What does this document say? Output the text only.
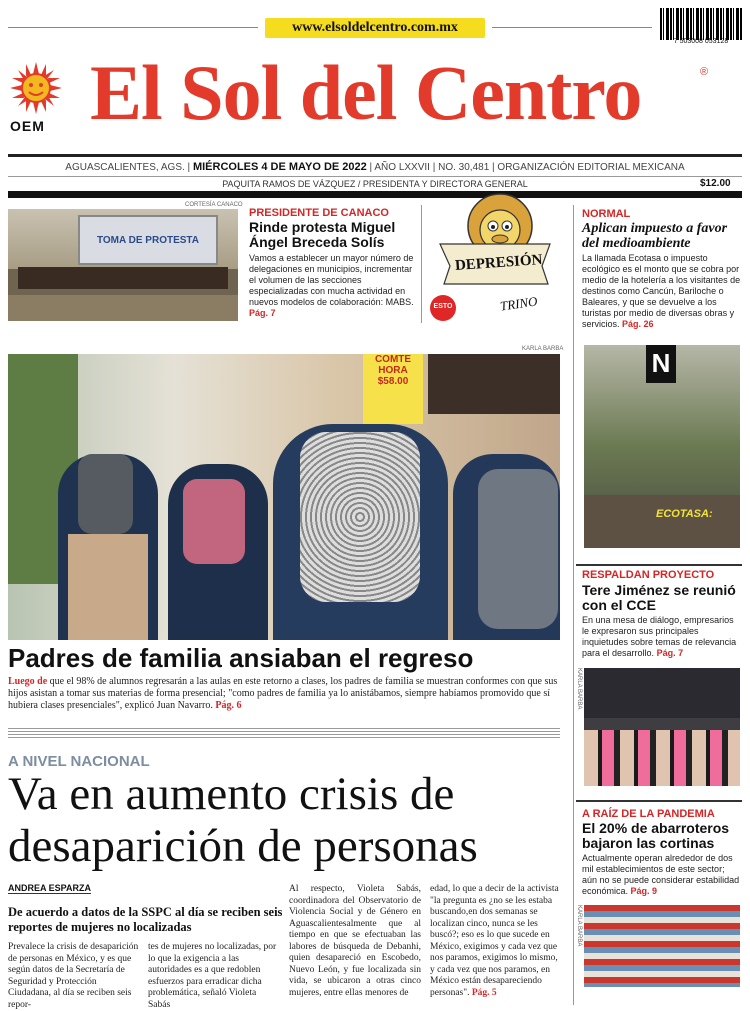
www.elsoldelcentro.com.mx
7 503008 053128
OEM El Sol del Centro	®
AGUASCALIENTES, AGS. | MIÉRCOLES 4 DE MAYO DE 2022 | AÑO LXXVII | NO. 30,481 | ORGANIZACIÓN EDITORIAL MEXICANA
PAQUITA RAMOS DE VÁZQUEZ / PRESIDENTA Y DIRECTORA GENERAL	$12.00
TOMA DE PROTESTA
CORTESÍA CANACO
PRESIDENTE DE CANACO
Rinde protesta Miguel Ángel Breceda Solís
Vamos a establecer un mayor número de delegaciones en municipios, incrementar el volumen de las secciones especializadas con mucha actividad en nuevos modelos de colaboración: MABS. Pág. 7
DEPRESIÓN
TRINO
ESTO
KARLA BARBA
COMTE
HORA
$58.00
Padres de familia ansiaban el regreso
Luego de que el 98% de alumnos regresarán a las aulas en este retorno a clases, los padres de familia se muestran conformes con que sus hijos asistan a tomar sus materias de forma presencial; "como padres de familia ya lo anistábamos, siempre habíamos promovido que sí hubiera clases presenciales", explicó Juan Navarro. Pág. 6
A NIVEL NACIONAL
Va en aumento crisis de desaparición de personas
ANDREA ESPARZA
De acuerdo a datos de la SSPC al día se reciben seis reportes de mujeres no localizadas
Prevalece la crisis de desaparición de personas en México, y es que según datos de la Secretaría de Seguridad y Protección Ciudadana, al día se reciben seis repor-
tes de mujeres no localizadas, por lo que la exigencia a las autoridades es a que redoblen esfuerzos para erradicar dicha problemática, señaló Violeta Sabás
Al respecto, Violeta Sabás, coordinadora del Observatorio de Violencia Social y de Género en Aguascalientesalmente que al tiempo en que se efectuaban las labores de búsqueda de Debanhi, quien desapareció en Escobedo, Nuevo León, y fue localizada sin vida, se ubicaron a otras cinco mujeres, entre ellas menores de
edad, lo que a decir de la activista "la pregunta es ¿no se les estaba buscando,en dos semanas se localizan cinco, nunca se les buscó?; eso es lo que sucede en México, exigimos y cada vez que nos paramos, exigimos lo mismo, y cada vez que nos paramos, en México están desapareciendo personas". Pág. 5
NORMAL
Aplican impuesto a favor del medioambiente
La llamada Ecotasa o impuesto ecológico es el monto que se cobra por medio de la hotelería a los visitantes de destinos como Cancún, Bariloche o Baleares, y que se devuelve a los turistas por medio de diversas obras y servicios. Pág. 26
N
ECOTASA:
RESPALDAN PROYECTO
Tere Jiménez se reunió con el CCE
En una mesa de diálogo, empresarios le expresaron sus principales inquietudes sobre temas de relevancia para el desarrollo. Pág. 7
KARLA BARBA
A RAÍZ DE LA PANDEMIA
El 20% de abarroteros bajaron las cortinas
Actualmente operan alrededor de dos mil establecimientos de este sector; aún no se puede considerar estabilidad económica. Pág. 9
KARLA BARBA
